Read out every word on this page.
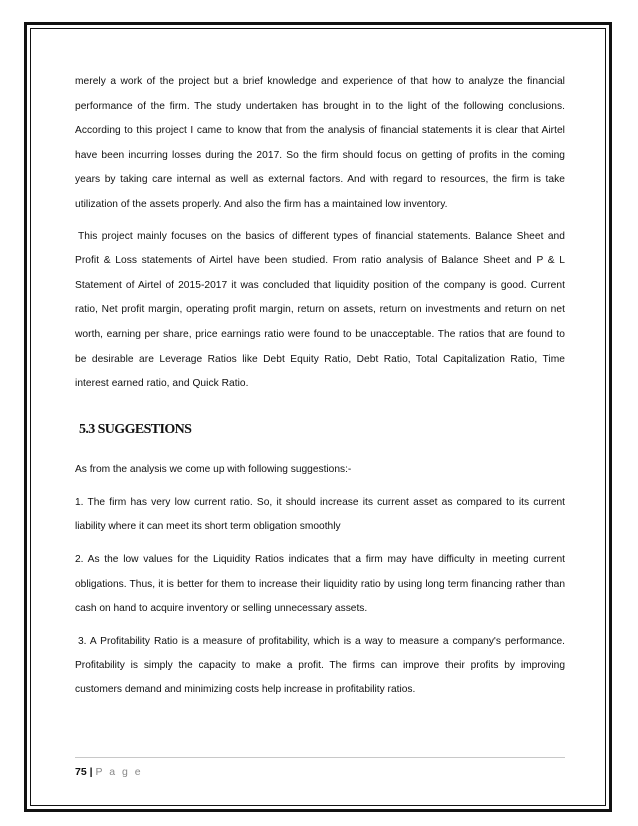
merely a work of the project but a brief knowledge and experience of that how to analyze the financial performance of the firm. The study undertaken has brought in to the light of the following conclusions. According to this project I came to know that from the analysis of financial statements it is clear that Airtel have been incurring losses during the 2017. So the firm should focus on getting of profits in the coming years by taking care internal as well as external factors. And with regard to resources, the firm is take utilization of the assets properly. And also the firm has a maintained low inventory.

This project mainly focuses on the basics of different types of financial statements. Balance Sheet and Profit & Loss statements of Airtel have been studied. From ratio analysis of Balance Sheet and P & L Statement of Airtel of 2015-2017 it was concluded that liquidity position of the company is good. Current ratio, Net profit margin, operating profit margin, return on assets, return on investments and return on net worth, earning per share, price earnings ratio were found to be unacceptable. The ratios that are found to be desirable are Leverage Ratios like Debt Equity Ratio, Debt Ratio, Total Capitalization Ratio, Time interest earned ratio, and Quick Ratio.

5.3 SUGGESTIONS

As from the analysis we come up with following suggestions:-

1. The firm has very low current ratio. So, it should increase its current asset as compared to its current liability where it can meet its short term obligation smoothly

2. As the low values for the Liquidity Ratios indicates that a firm may have difficulty in meeting current obligations. Thus, it is better for them to increase their liquidity ratio by using long term financing rather than cash on hand to acquire inventory or selling unnecessary assets.

3. A Profitability Ratio is a measure of profitability, which is a way to measure a company's performance. Profitability is simply the capacity to make a profit. The firms can improve their profits by improving customers demand and minimizing costs help increase in profitability ratios.

75 | P a g e
